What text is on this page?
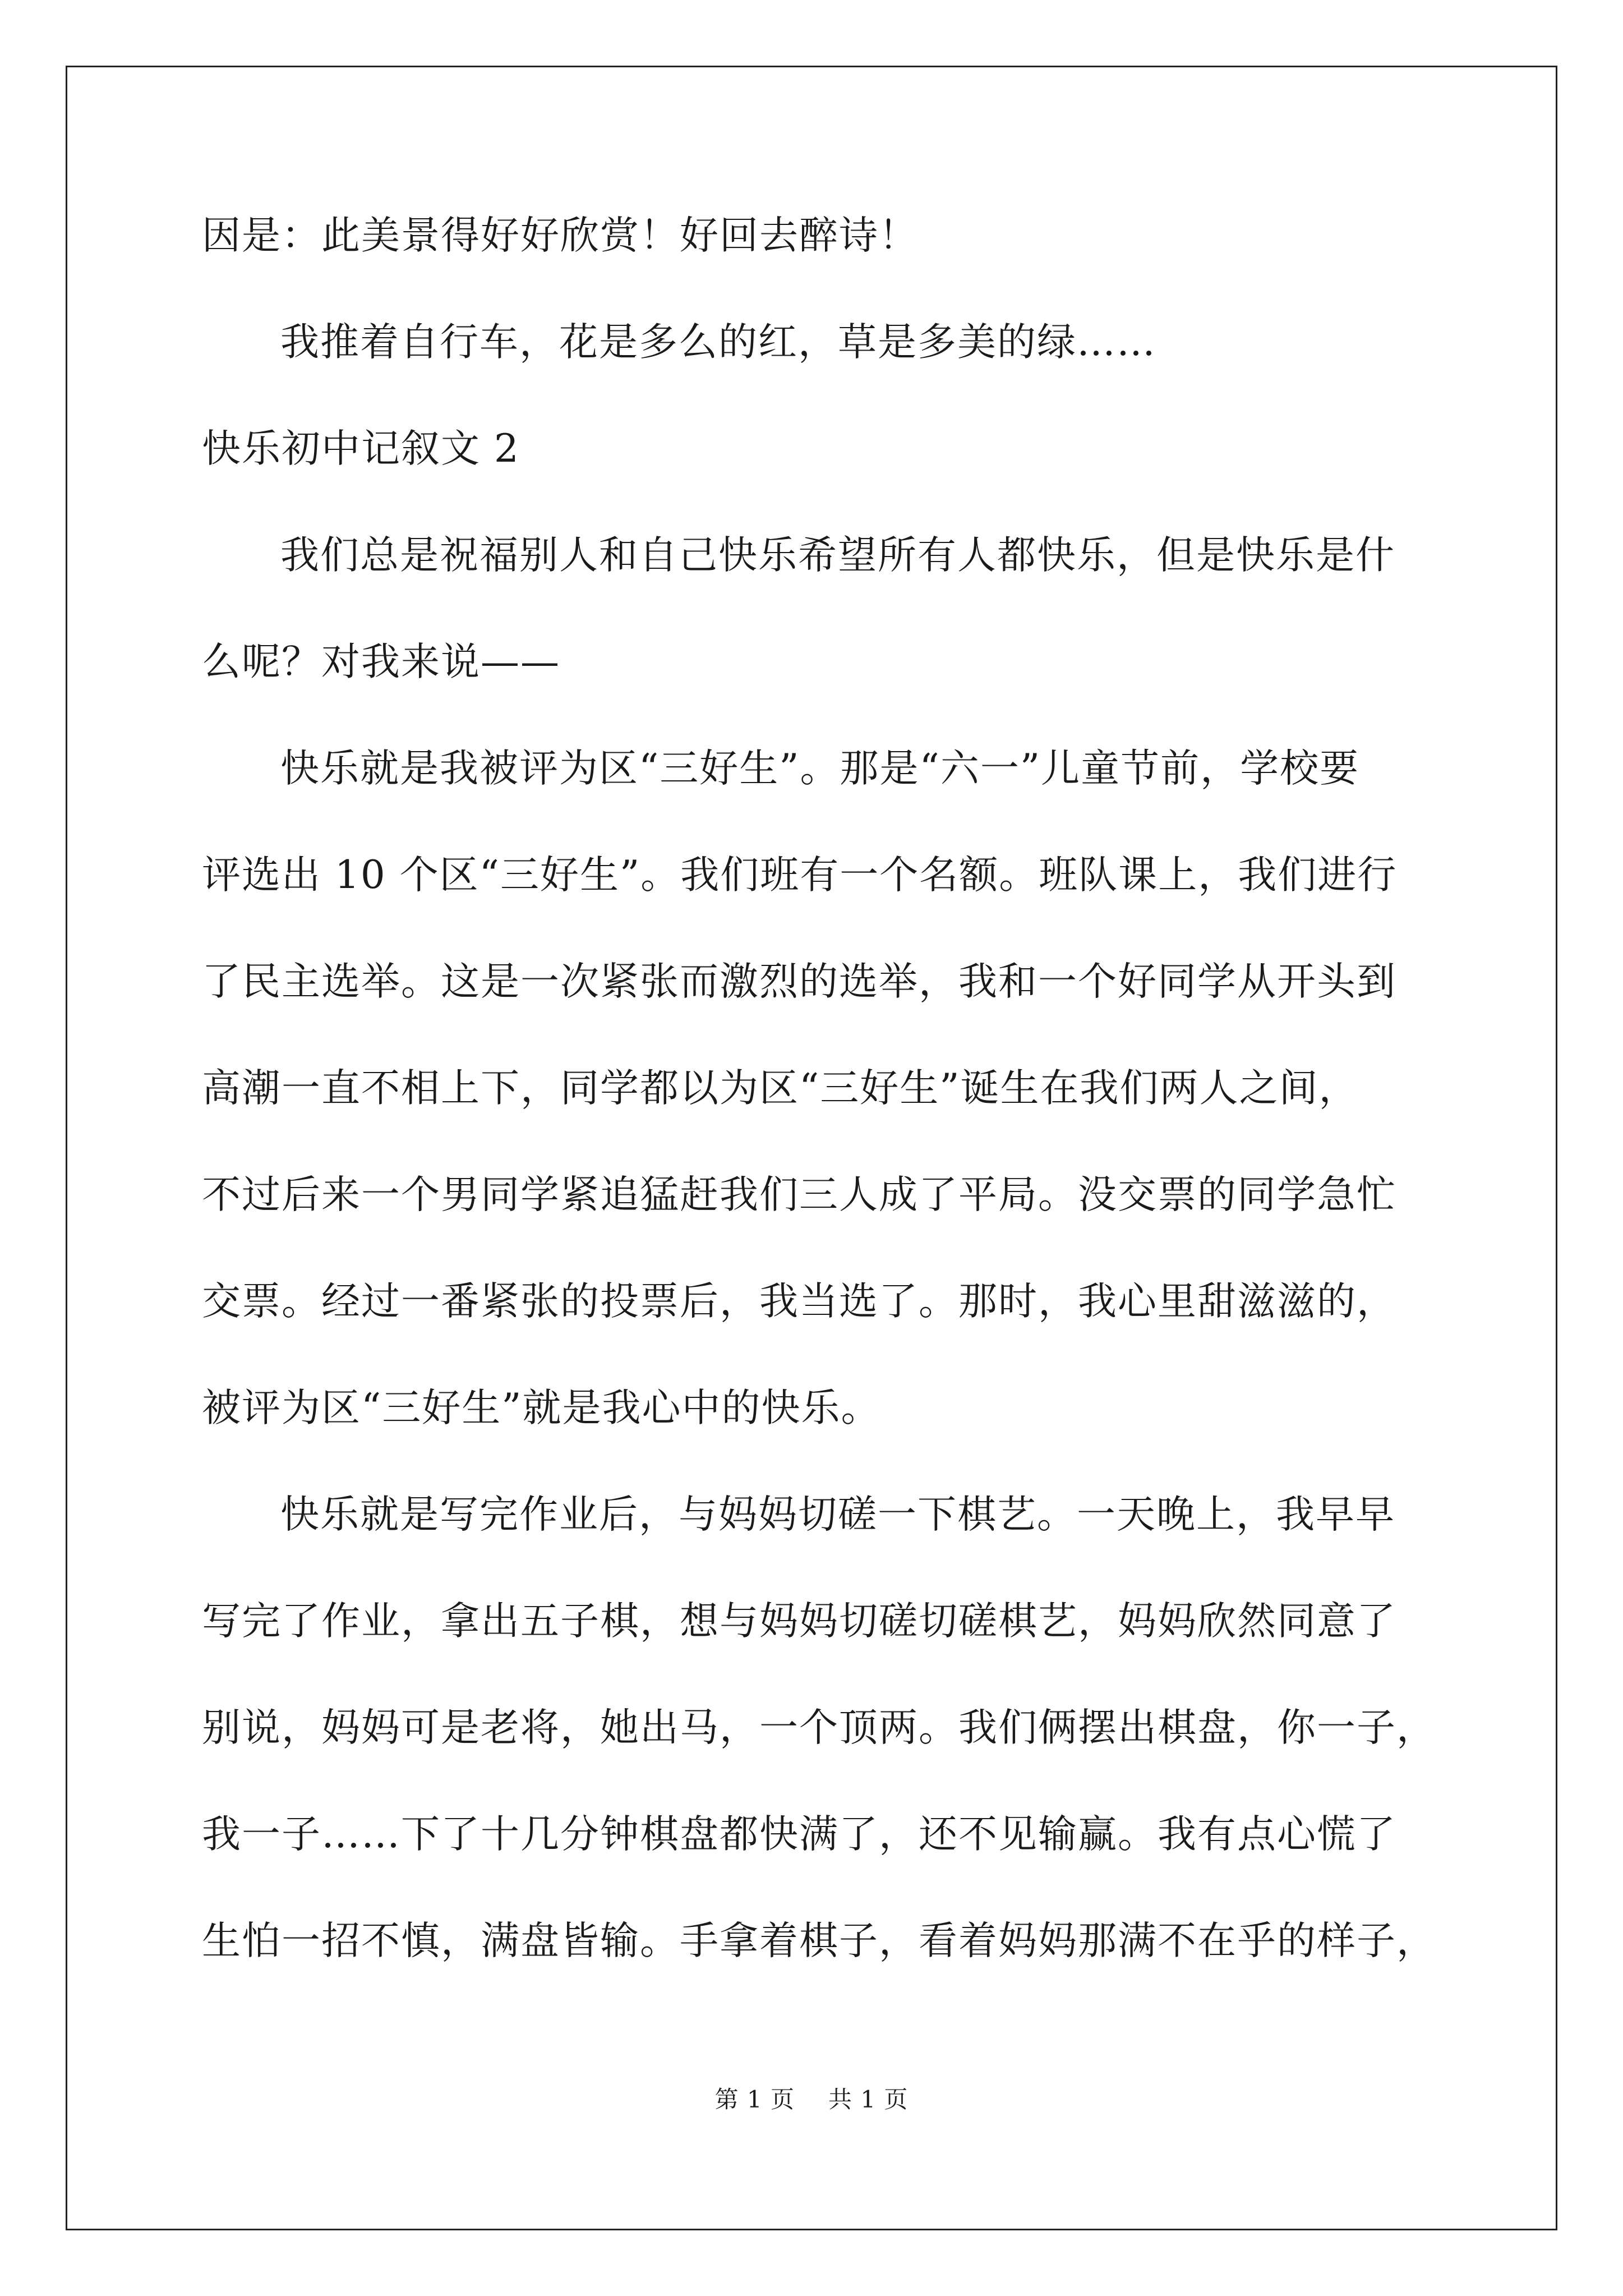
因是：此美景得好好欣赏！好回去醉诗！
我推着自行车，花是多么的红，草是多美的绿……
快乐初中记叙文 2
我们总是祝福别人和自己快乐希望所有人都快乐，但是快乐是什
么呢？对我来说——
快乐就是我被评为区“三好生”。那是“六一”儿童节前，学校要
评选出 10 个区“三好生”。我们班有一个名额。班队课上，我们进行
了民主选举。这是一次紧张而激烈的选举，我和一个好同学从开头到
高潮一直不相上下，同学都以为区“三好生”诞生在我们两人之间，
不过后来一个男同学紧追猛赶我们三人成了平局。没交票的同学急忙
交票。经过一番紧张的投票后，我当选了。那时，我心里甜滋滋的，
被评为区“三好生”就是我心中的快乐。
快乐就是写完作业后，与妈妈切磋一下棋艺。一天晚上，我早早
写完了作业，拿出五子棋，想与妈妈切磋切磋棋艺，妈妈欣然同意了
别说，妈妈可是老将，她出马，一个顶两。我们俩摆出棋盘，你一子，
我一子……下了十几分钟棋盘都快满了，还不见输赢。我有点心慌了
生怕一招不慎，满盘皆输。手拿着棋子，看着妈妈那满不在乎的样子，
第 1 页 共 1 页
